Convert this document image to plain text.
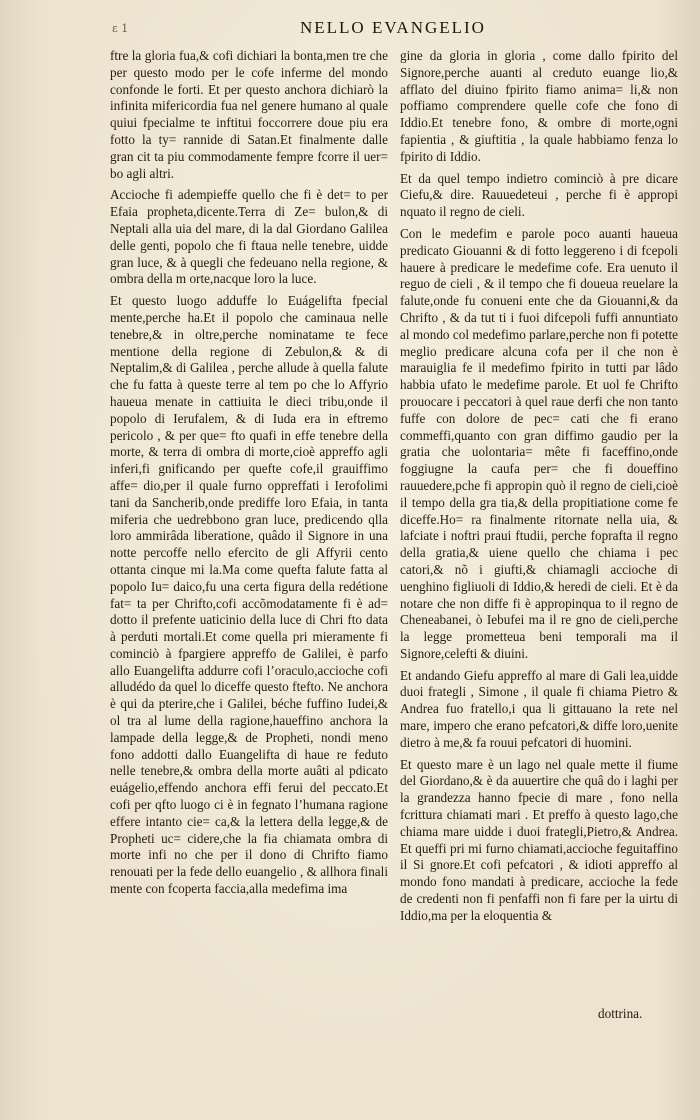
ε 1	NELLO EVANGELIO

ftre la gloria fua,& cofi dichiari la bonta,men tre che per questo modo per le cofe inferme del mondo confonde le forti. Et per questo anchora dichiarò la infinita mifericordia fua nel genere humano al quale quiui fpecialme te inftitui foccorrere doue piu era fotto la ty= rannide di Satan.Et finalmente dalle gran cit ta piu commodamente fempre fcorre il uer= bo agli altri.

Accioche fi adempieffe quello che fi è det= to per Efaia propheta,dicente.Terra di Ze= bulon,& di Neptali alla uia del mare, di la dal Giordano Galilea delle genti, popolo che fi ftaua nelle tenebre, uidde gran luce, & à quegli che fedeuano nella regione, & ombra della m orte,nacque loro la luce.

Et questo luogo adduffe lo Euágelifta fpecial mente,perche ha.Et il popolo che caminaua nelle tenebre,& in oltre,perche nominatame te fece mentione della regione di Zebulon,& & di Neptalim,& di Galilea , perche allude à quella falute che fu fatta à queste terre al tem po che lo Affyrio haueua menate in cattiuita le dieci tribu,onde il popolo di Ierufalem, & di Iuda era in eftremo pericolo , & per que= fto quafi in effe tenebre della morte, & terra di ombra di morte,cioè appreffo agli inferi,fi gnificando per quefte cofe,il grauiffimo affe= dio,per il quale furno oppreffati i Ierofolimi tani da Sancherib,onde prediffe loro Efaia, in tanta miferia che uedrebbono gran luce, predicendo qlla loro ammirâda liberatione, quâdo il Signore in una notte percoffe nello efercito de gli Affyrii cento ottanta cinque mi la.Ma come quefta falute fatta al popolo Iu= daico,fu una certa figura della redétione fat= ta per Chrifto,cofi accõmodatamente fi è ad= dotto il prefente uaticinio della luce di Chri fto data à perduti mortali.Et come quella pri mieramente fi cominciò à fpargiere appreffo de Galilei, è parfo allo Euangelifta addurre cofi l’oraculo,accioche cofi alludédo da quel lo diceffe questo ftefto. Ne anchora è qui da pterire,che i Galilei, béche fuffino Iudei,& ol tra al lume della ragione,haueffino anchora la lampade della legge,& de Propheti, nondi meno fono addotti dallo Euangelifta di haue re feduto nelle tenebre,& ombra della morte auâti al pdicato euágelio,effendo anchora effi ferui del peccato.Et cofi per qfto luogo ci è in fegnato l’humana ragione effere intanto cie= ca,& la lettera della legge,& de Propheti uc= cidere,che la fia chiamata ombra di morte infi no che per il dono di Chrifto fiamo renouati per la fede dello euangelio , & allhora finali mente con fcoperta faccia,alla medefima ima

gine da gloria in gloria , come dallo fpirito del Signore,perche auanti al creduto euange lio,& afflato del diuino fpirito fiamo anima= li,& non poffiamo comprendere quelle cofe che fono di Iddio.Et tenebre fono, & ombre di morte,ogni fapientia , & giuftitia , la quale habbiamo fenza lo fpirito di Iddio.

Et da quel tempo indietro cominciò à pre dicare Ciefu,& dire. Rauuedeteui , perche fi è appropi nquato il regno de cieli.

Con le medefim e parole poco auanti haueua predicato Giouanni & di fotto leggereno i di fcepoli hauere à predicare le medefime cofe. Era uenuto il reguo de cieli , & il tempo che fi doueua reuelare la falute,onde fu conueni ente che da Giouanni,& da Chrifto , & da tut ti i fuoi difcepoli fuffi annuntiato al mondo col medefimo parlare,perche non fi potette meglio predicare alcuna cofa per il che non è marauiglia fe il medefimo fpirito in tutti par lâdo habbia ufato le medefime parole. Et uol fe Chrifto prouocare i peccatori à quel raue derfi che non tanto fuffe con dolore de pec= cati che fi erano commeffi,quanto con gran diffimo gaudio per la gratia che uolontaria= mête fi faceffino,onde foggiugne la caufa per= che fi doueffino rauuedere,pche fi appropin quò il regno de cieli,cioè il tempo della gra tia,& della propitiatione come fe diceffe.Ho= ra finalmente ritornate nella uia, & lafciate i noftri praui ftudii, perche foprafta il regno della gratia,& uiene quello che chiama i pec catori,& nõ i giufti,& chiamagli accioche di uenghino figliuoli di Iddio,& heredi de cieli. Et è da notare che non diffe fi è appropinqua to il regno de Cheneabanei, ò Iebufei ma il re gno de cieli,perche la legge prometteua beni temporali ma il Signore,celefti & diuini.

Et andando Giefu appreffo al mare di Gali lea,uidde duoi frategli , Simone , il quale fi chiama Pietro & Andrea fuo fratello,i qua li gittauano la rete nel mare, impero che erano pefcatori,& diffe loro,uenite dietro à me,& fa rouui pefcatori di huomini.

Et questo mare è un lago nel quale mette il fiume del Giordano,& è da auuertire che quâ do i laghi per la grandezza hanno fpecie di mare , fono nella fcrittura chiamati mari . Et preffo à questo lago,che chiama mare uidde i duoi frategli,Pietro,& Andrea. Et queffi pri mi furno chiamati,accioche feguitaffino il Si gnore.Et cofi pefcatori , & idioti appreffo al mondo fono mandati à predicare, accioche la fede de credenti non fi penfaffi non fi fare per la uirtu di Iddio,ma per la eloquentia &

dottrina.
